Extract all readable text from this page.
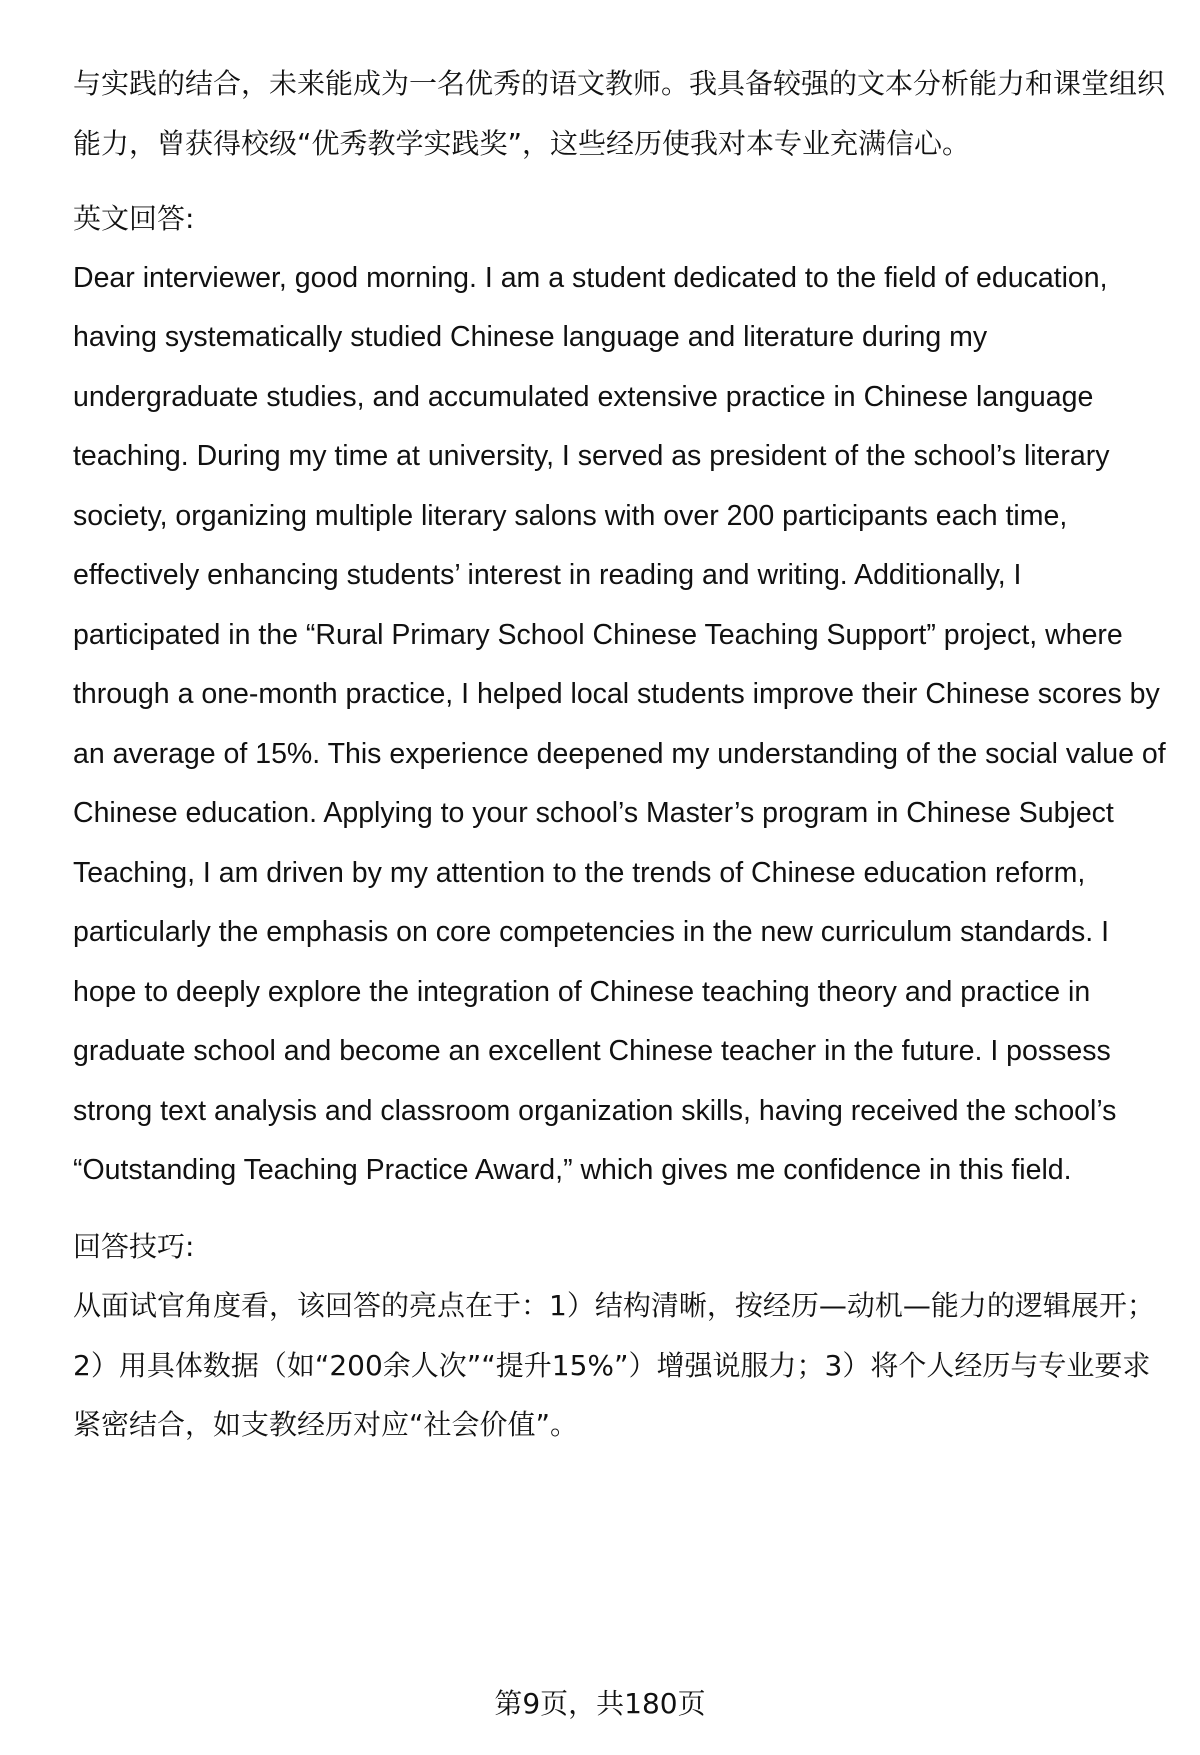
与实践的结合，未来能成为一名优秀的语文教师。我具备较强的文本分析能力和课堂组织能力，曾获得校级“优秀教学实践奖”，这些经历使我对本专业充满信心。

英文回答:

Dear interviewer, good morning. I am a student dedicated to the field of education, having systematically studied Chinese language and literature during my undergraduate studies, and accumulated extensive practice in Chinese language teaching. During my time at university, I served as president of the school’s literary society, organizing multiple literary salons with over 200 participants each time, effectively enhancing students’ interest in reading and writing. Additionally, I participated in the “Rural Primary School Chinese Teaching Support” project, where through a one-month practice, I helped local students improve their Chinese scores by an average of 15%. This experience deepened my understanding of the social value of Chinese education. Applying to your school’s Master’s program in Chinese Subject Teaching, I am driven by my attention to the trends of Chinese education reform, particularly the emphasis on core competencies in the new curriculum standards. I hope to deeply explore the integration of Chinese teaching theory and practice in graduate school and become an excellent Chinese teacher in the future. I possess strong text analysis and classroom organization skills, having received the school’s “Outstanding Teaching Practice Award,” which gives me confidence in this field.

回答技巧:

从面试官角度看，该回答的亮点在于：1）结构清晰，按经历—动机—能力的逻辑展开；2）用具体数据（如“200余人次”“提升15%”）增强说服力；3）将个人经历与专业要求紧密结合，如支教经历对应“社会价值”。

第9页，共180页
